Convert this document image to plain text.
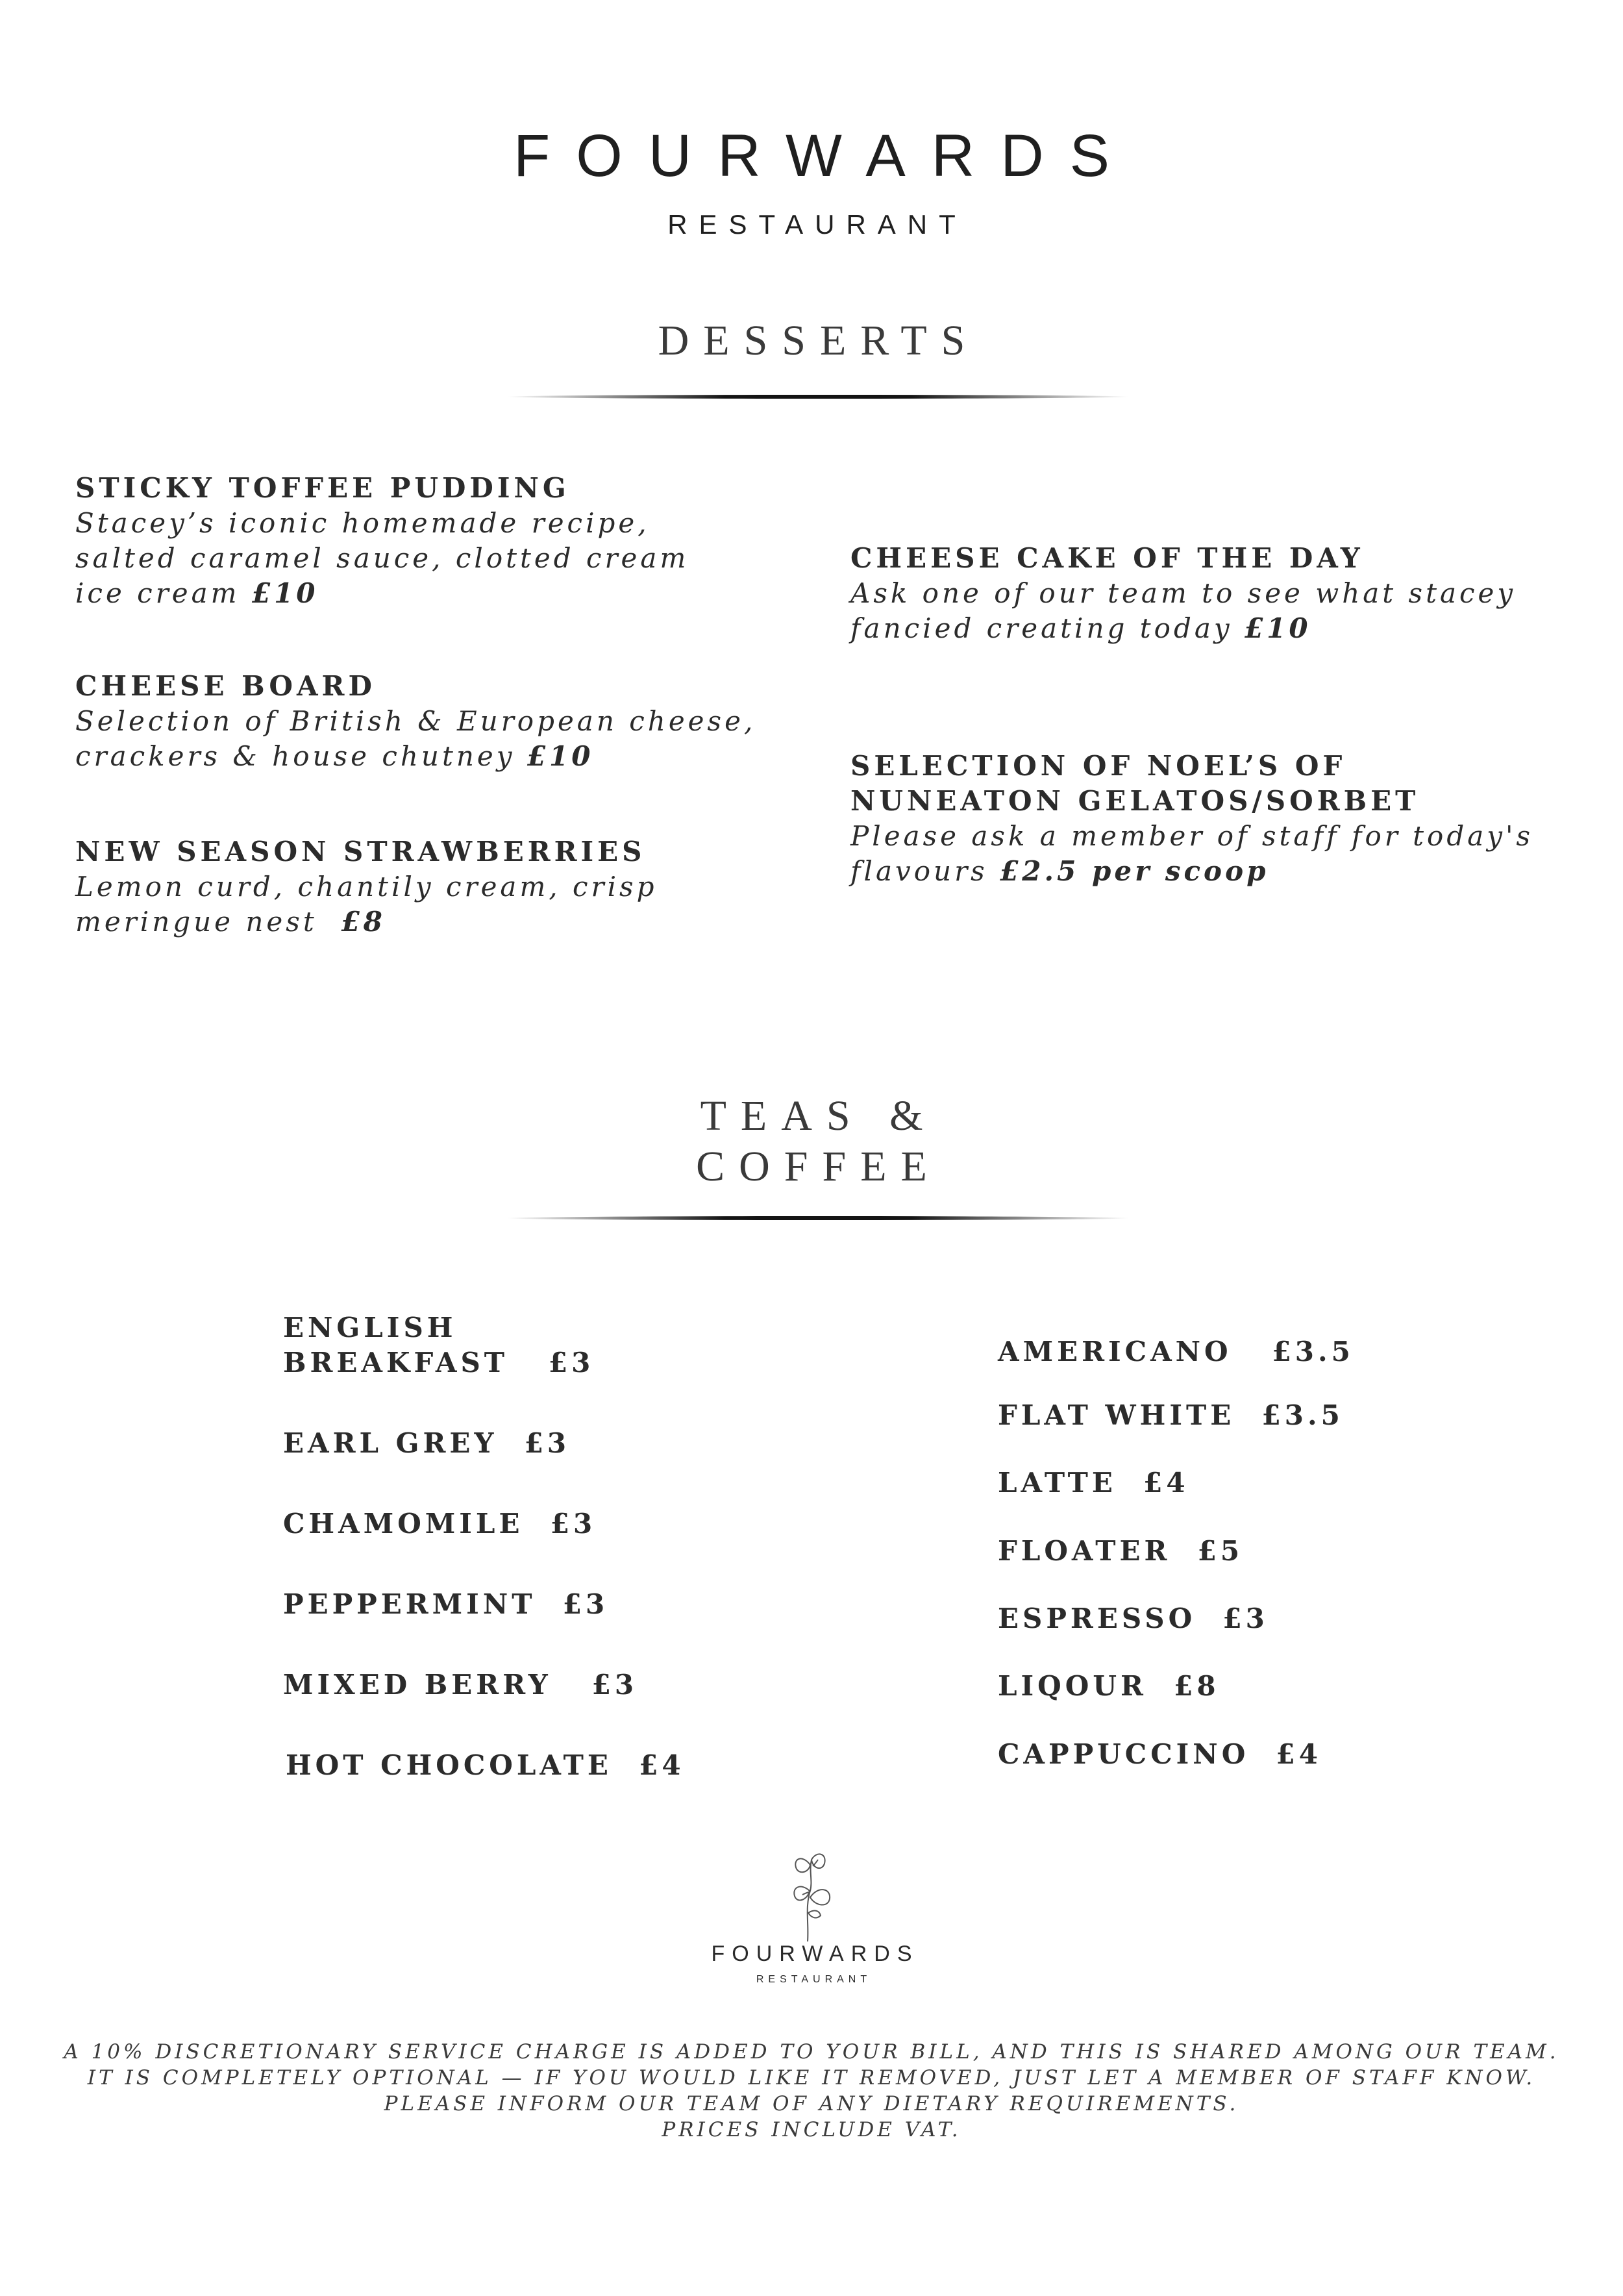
FOURWARDS
RESTAURANT
DESSERTS
STICKY TOFFEE PUDDING
Stacey’s iconic homemade recipe,
salted caramel sauce, clotted cream
ice cream £10
CHEESE BOARD
Selection of British & European cheese,
crackers & house chutney £10
NEW SEASON STRAWBERRIES
Lemon curd, chantily cream, crisp
meringue nest £8
CHEESE CAKE OF THE DAY
Ask one of our team to see what stacey
fancied creating today £10
SELECTION OF NOEL’S OF
NUNEATON GELATOS/SORBET
Please ask a member of staff for today's
flavours £2.5 per scoop
TEAS &
COFFEE
ENGLISH
BREAKFAST £3
EARL GREY £3
CHAMOMILE £3
PEPPERMINT £3
MIXED BERRY £3
HOT CHOCOLATE £4
AMERICANO £3.5
FLAT WHITE £3.5
LATTE £4
FLOATER £5
ESPRESSO £3
LIQOUR £8
CAPPUCCINO £4
FOURWARDS
RESTAURANT
A 10% DISCRETIONARY SERVICE CHARGE IS ADDED TO YOUR BILL, AND THIS IS SHARED AMONG OUR TEAM.
IT IS COMPLETELY OPTIONAL — IF YOU WOULD LIKE IT REMOVED, JUST LET A MEMBER OF STAFF KNOW.
PLEASE INFORM OUR TEAM OF ANY DIETARY REQUIREMENTS.
PRICES INCLUDE VAT.
